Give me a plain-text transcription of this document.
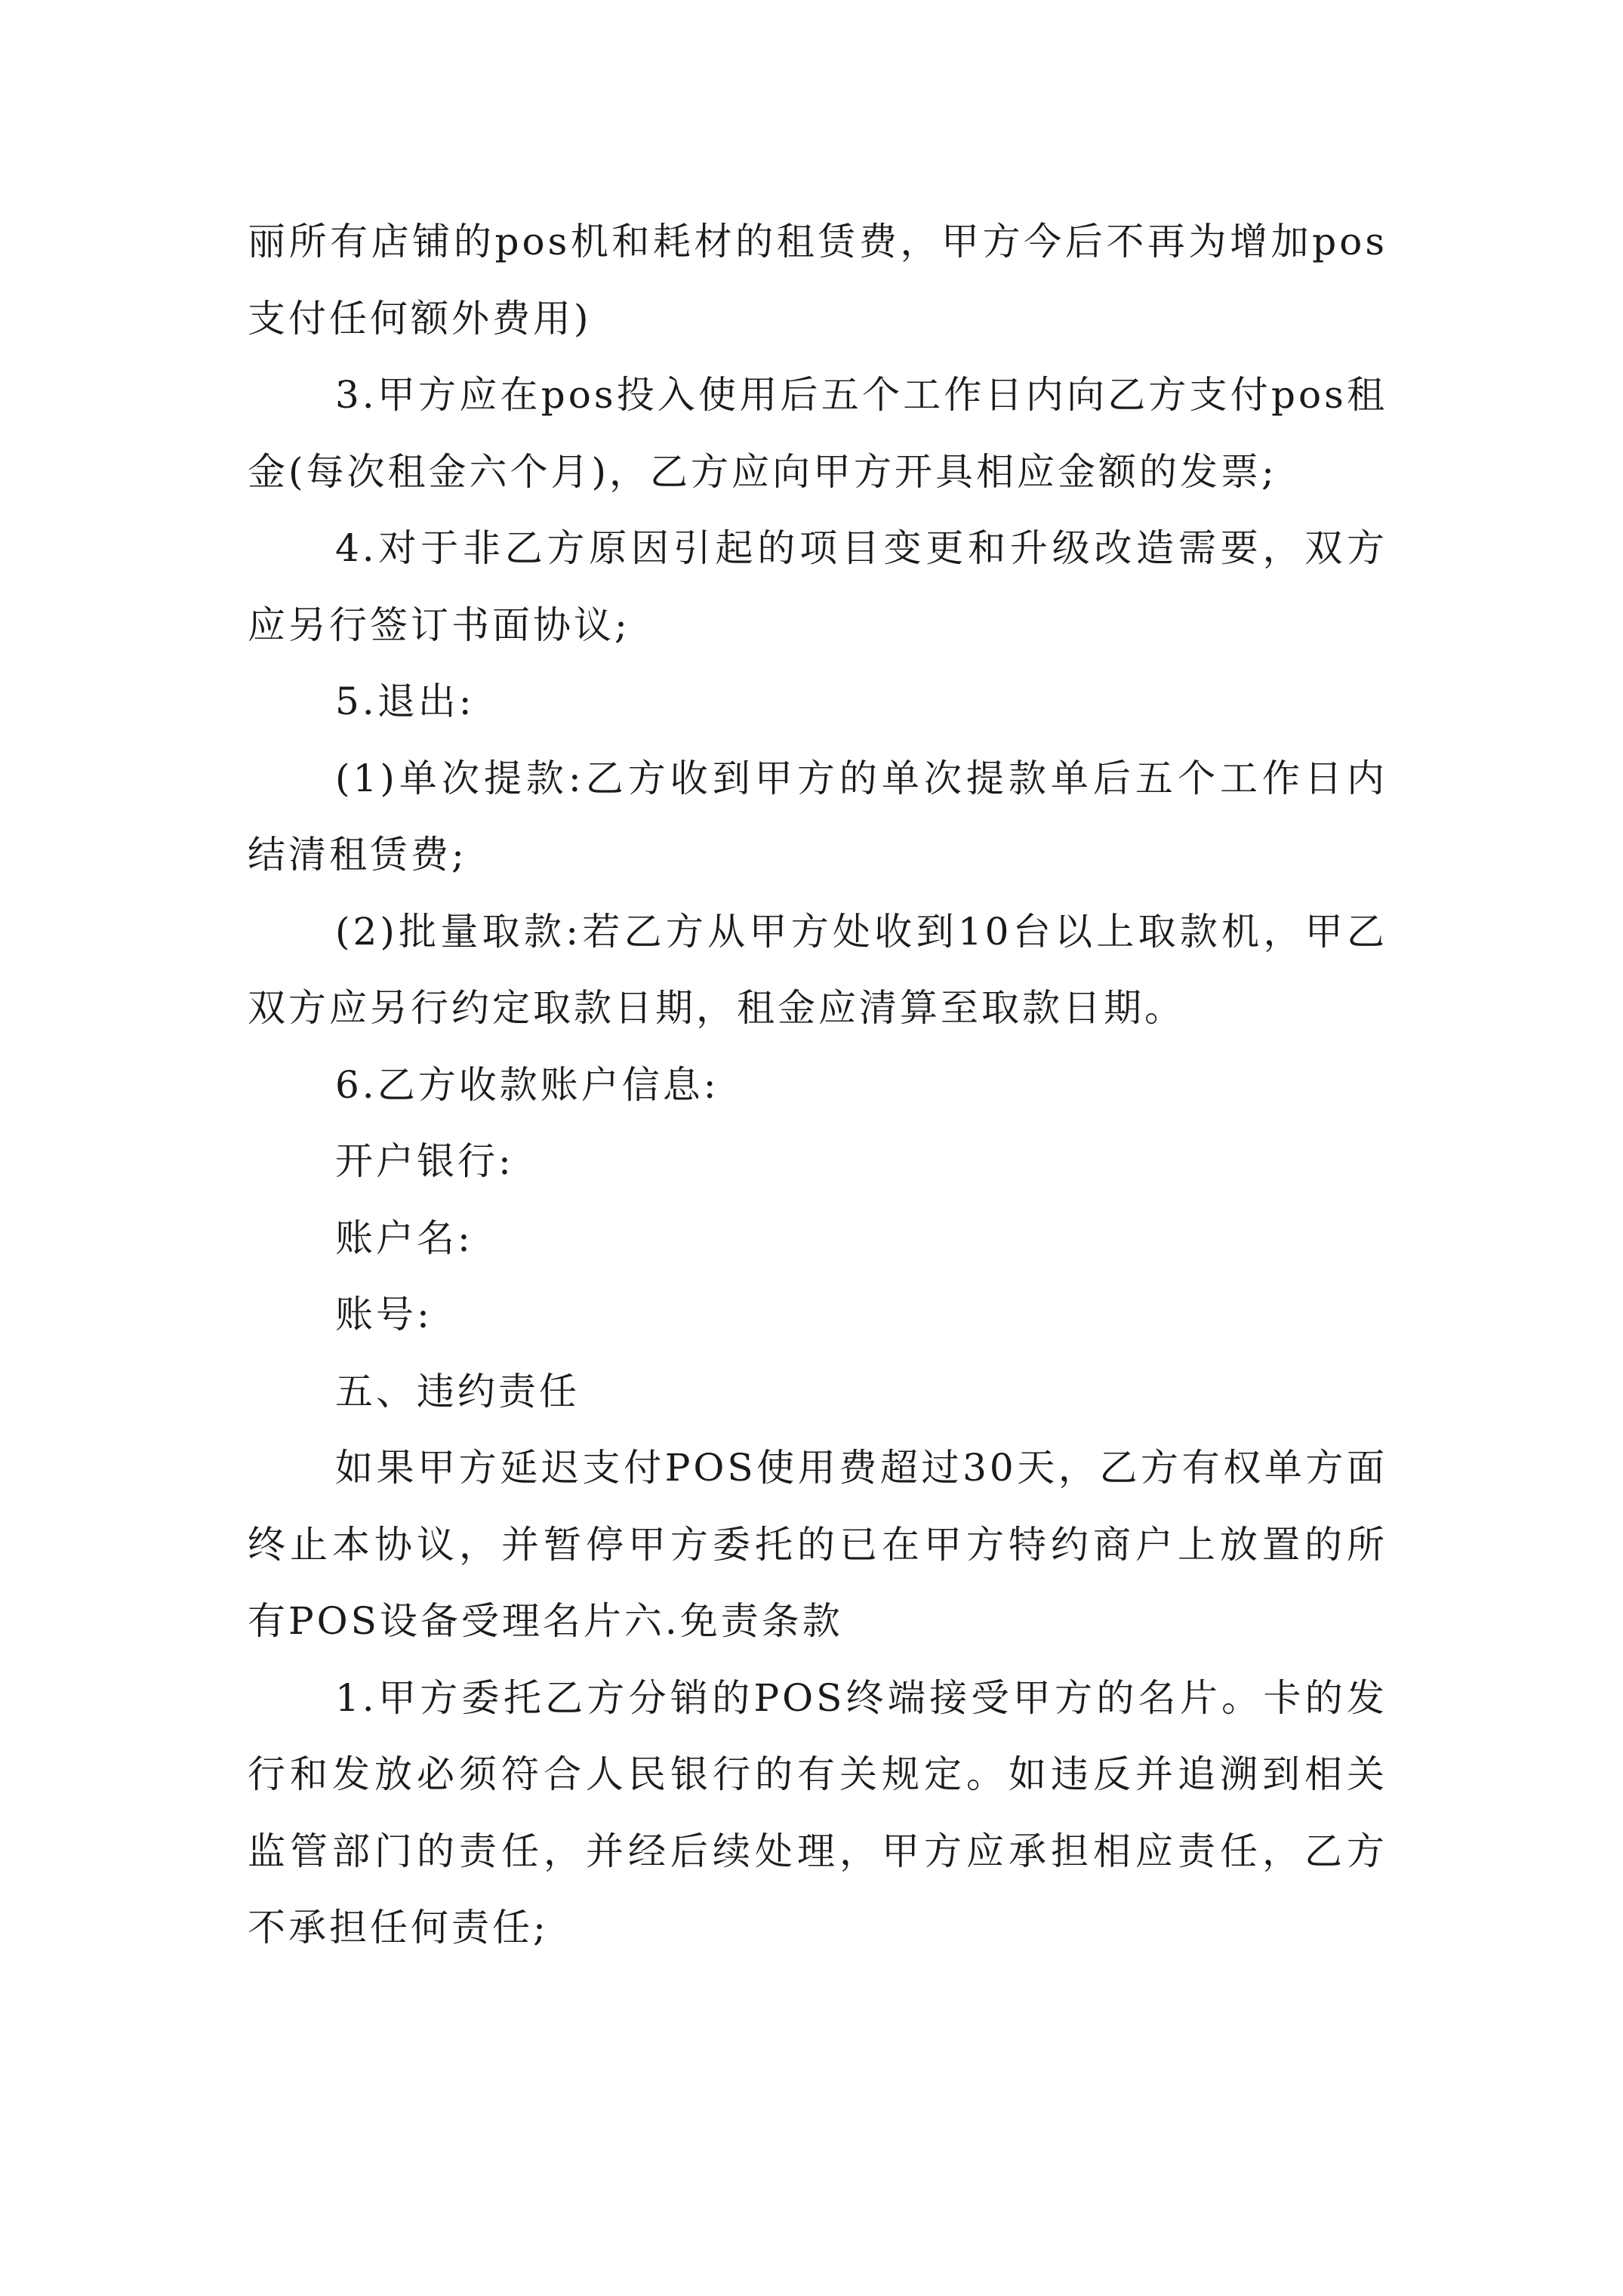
丽所有店铺的pos机和耗材的租赁费，甲方今后不再为增加pos支付任何额外费用)

3.甲方应在pos投入使用后五个工作日内向乙方支付pos租金(每次租金六个月)，乙方应向甲方开具相应金额的发票;

4.对于非乙方原因引起的项目变更和升级改造需要，双方应另行签订书面协议;

5.退出:

(1)单次提款:乙方收到甲方的单次提款单后五个工作日内结清租赁费;

(2)批量取款:若乙方从甲方处收到10台以上取款机，甲乙双方应另行约定取款日期，租金应清算至取款日期。

6.乙方收款账户信息:

开户银行:

账户名:

账号:

五、违约责任

如果甲方延迟支付POS使用费超过30天，乙方有权单方面终止本协议，并暂停甲方委托的已在甲方特约商户上放置的所有POS设备受理名片六.免责条款

1.甲方委托乙方分销的POS终端接受甲方的名片。卡的发行和发放必须符合人民银行的有关规定。如违反并追溯到相关监管部门的责任，并经后续处理，甲方应承担相应责任，乙方不承担任何责任;
